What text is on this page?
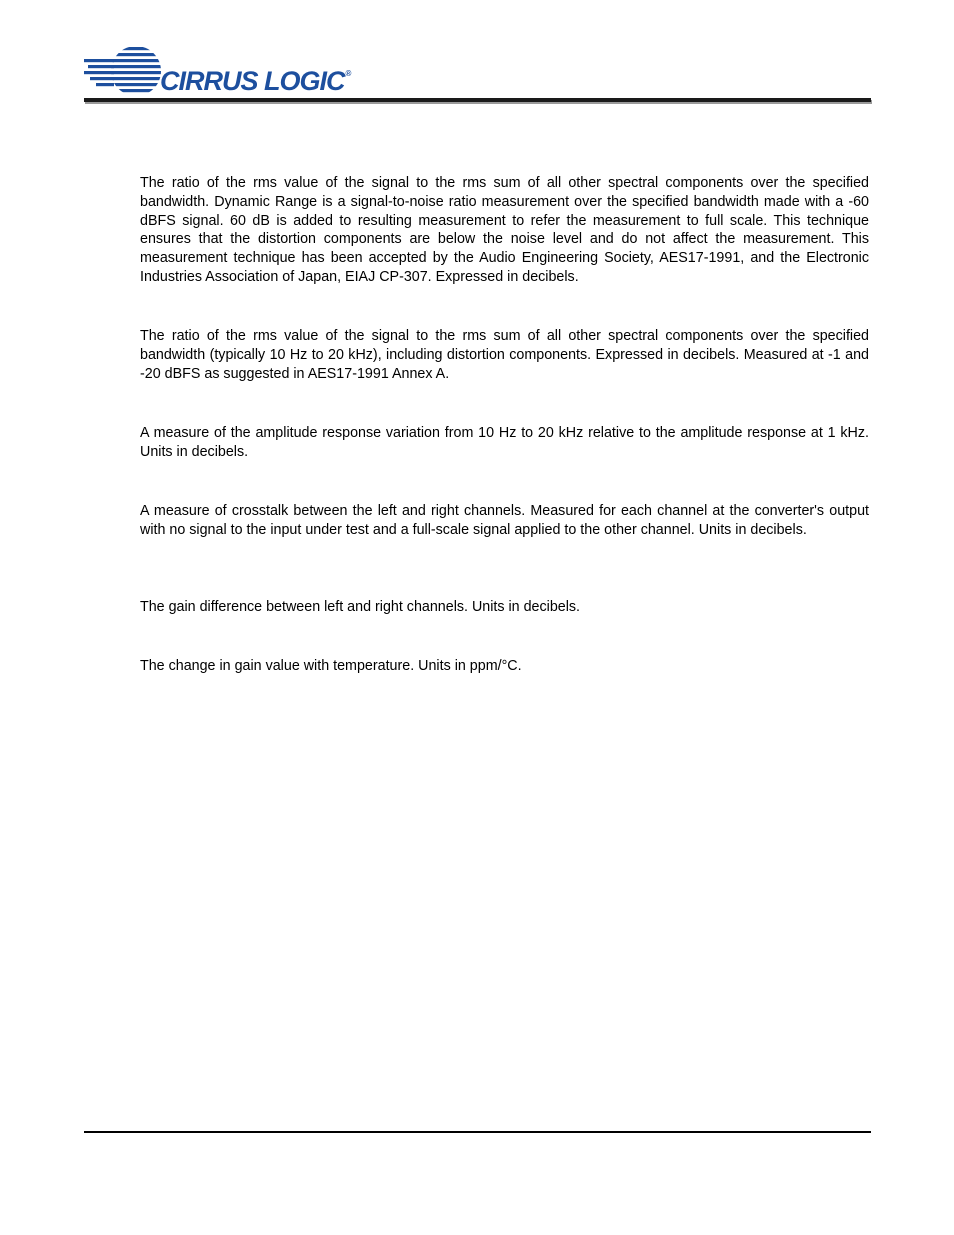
CIRRUS LOGIC®

The ratio of the rms value of the signal to the rms sum of all other spectral components over the specified bandwidth. Dynamic Range is a signal-to-noise ratio measurement over the specified bandwidth made with a -60 dBFS signal. 60 dB is added to resulting measurement to refer the measurement to full scale. This technique ensures that the distortion components are below the noise level and do not affect the measurement. This measurement technique has been accepted by the Audio Engineering Society, AES17-1991, and the Electronic Industries Association of Japan, EIAJ CP-307. Expressed in decibels.

The ratio of the rms value of the signal to the rms sum of all other spectral components over the specified bandwidth (typically 10 Hz to 20 kHz), including distortion components. Expressed in decibels. Measured at -1 and -20 dBFS as suggested in AES17-1991 Annex A.

A measure of the amplitude response variation from 10 Hz to 20 kHz relative to the amplitude response at 1 kHz. Units in decibels.

A measure of crosstalk between the left and right channels. Measured for each channel at the converter's output with no signal to the input under test and a full-scale signal applied to the other channel. Units in decibels.

The gain difference between left and right channels. Units in decibels.

The change in gain value with temperature. Units in ppm/°C.
